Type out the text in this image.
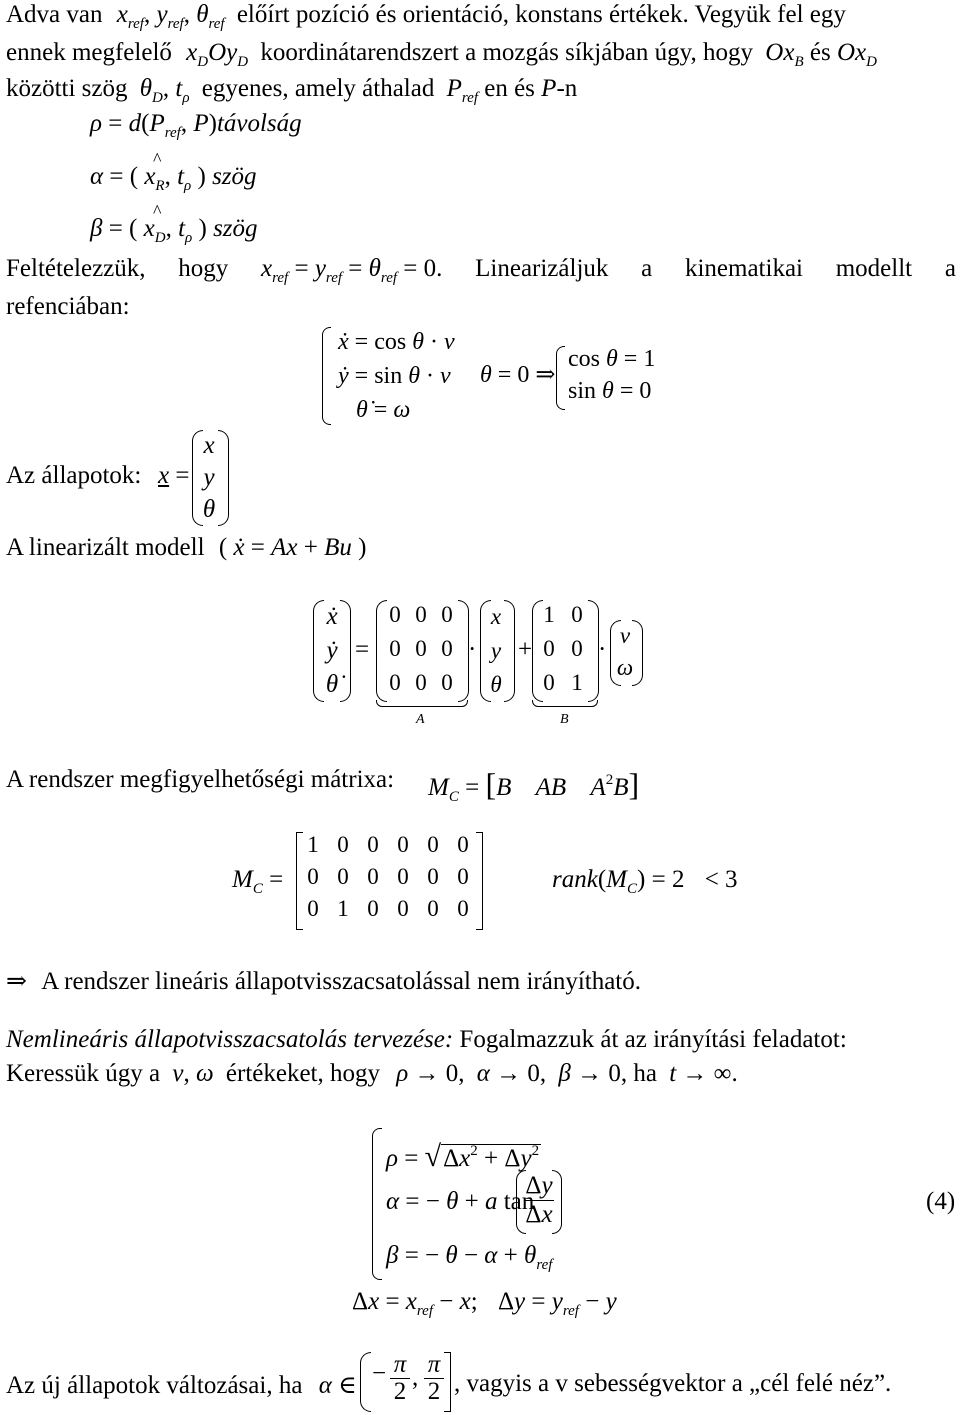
Adva van $x_{ref}$, $y_{ref}$, $\theta_{ref}$ előírt pozíció és orientáció, konstans értékek. Vegyük fel egy
ennek megfelelő $x_DOy_D$ koordinátarendszert a mozgás síkjában úgy, hogy $Ox_B$ és $Ox_D$
közötti szög $\theta_D$, $t_\rho$ egyenes, amely áthalad $P_{ref}$ en és P-n
$\rho = d(P_{ref}$, P)távolság
^
α = ( $x_R$, $t_\rho$ ) szög
^
β = ( $x_D$, $t_\rho$ ) szög
Feltételezzük, hogy $x_{ref} = y_{ref} = \theta_{ref} = 0$. Linearizáljuk a kinematikai modellt a
refenciában:
ẋ = cos θ · v
ẏ = sin θ · v
θ̇ = ω
θ = 0 ⇒
cos θ = 1
sin θ = 0
Az állapotok: x =
x
y
θ
A linearizált modell ( ẋ = Ax + Bu )
ẋ
ẏ
θ̇
=
0 0 0
0 0 0
0 0 0
·
x
y
θ
+
1 0
0 0
0 1
·
v
ω
A	B
A rendszer megfigyelhetőségi mátrixa: $M_C = [B$ AB $A^2B$]
$M_C$ =
1 0 0 0 0 0
0 0 0 0 0 0
0 1 0 0 0 0
$rank(M_C) = 2 < 3$
⇒ A rendszer lineáris állapotvisszacsatolással nem irányítható.
Nemlineáris állapotvisszacsatolás tervezése: Fogalmazzuk át az irányítási feladatot:
Keressük úgy a v, ω értékeket, hogy ρ → 0, α → 0, β → 0, ha t → ∞.
$\rho = √\Delta x^2 + \Delta y^2$
α = − θ + a tan
Δy
Δx
β = − $\theta - \alpha + \theta_{ref}$
(4)
$\Delta x = x_{ref} - x$; $\Delta y = y_{ref} - y$
Az új állapotok változásai, ha α ∈ − π
2
, π
2 , vagyis a v sebességvektor a „cél felé néz”.
